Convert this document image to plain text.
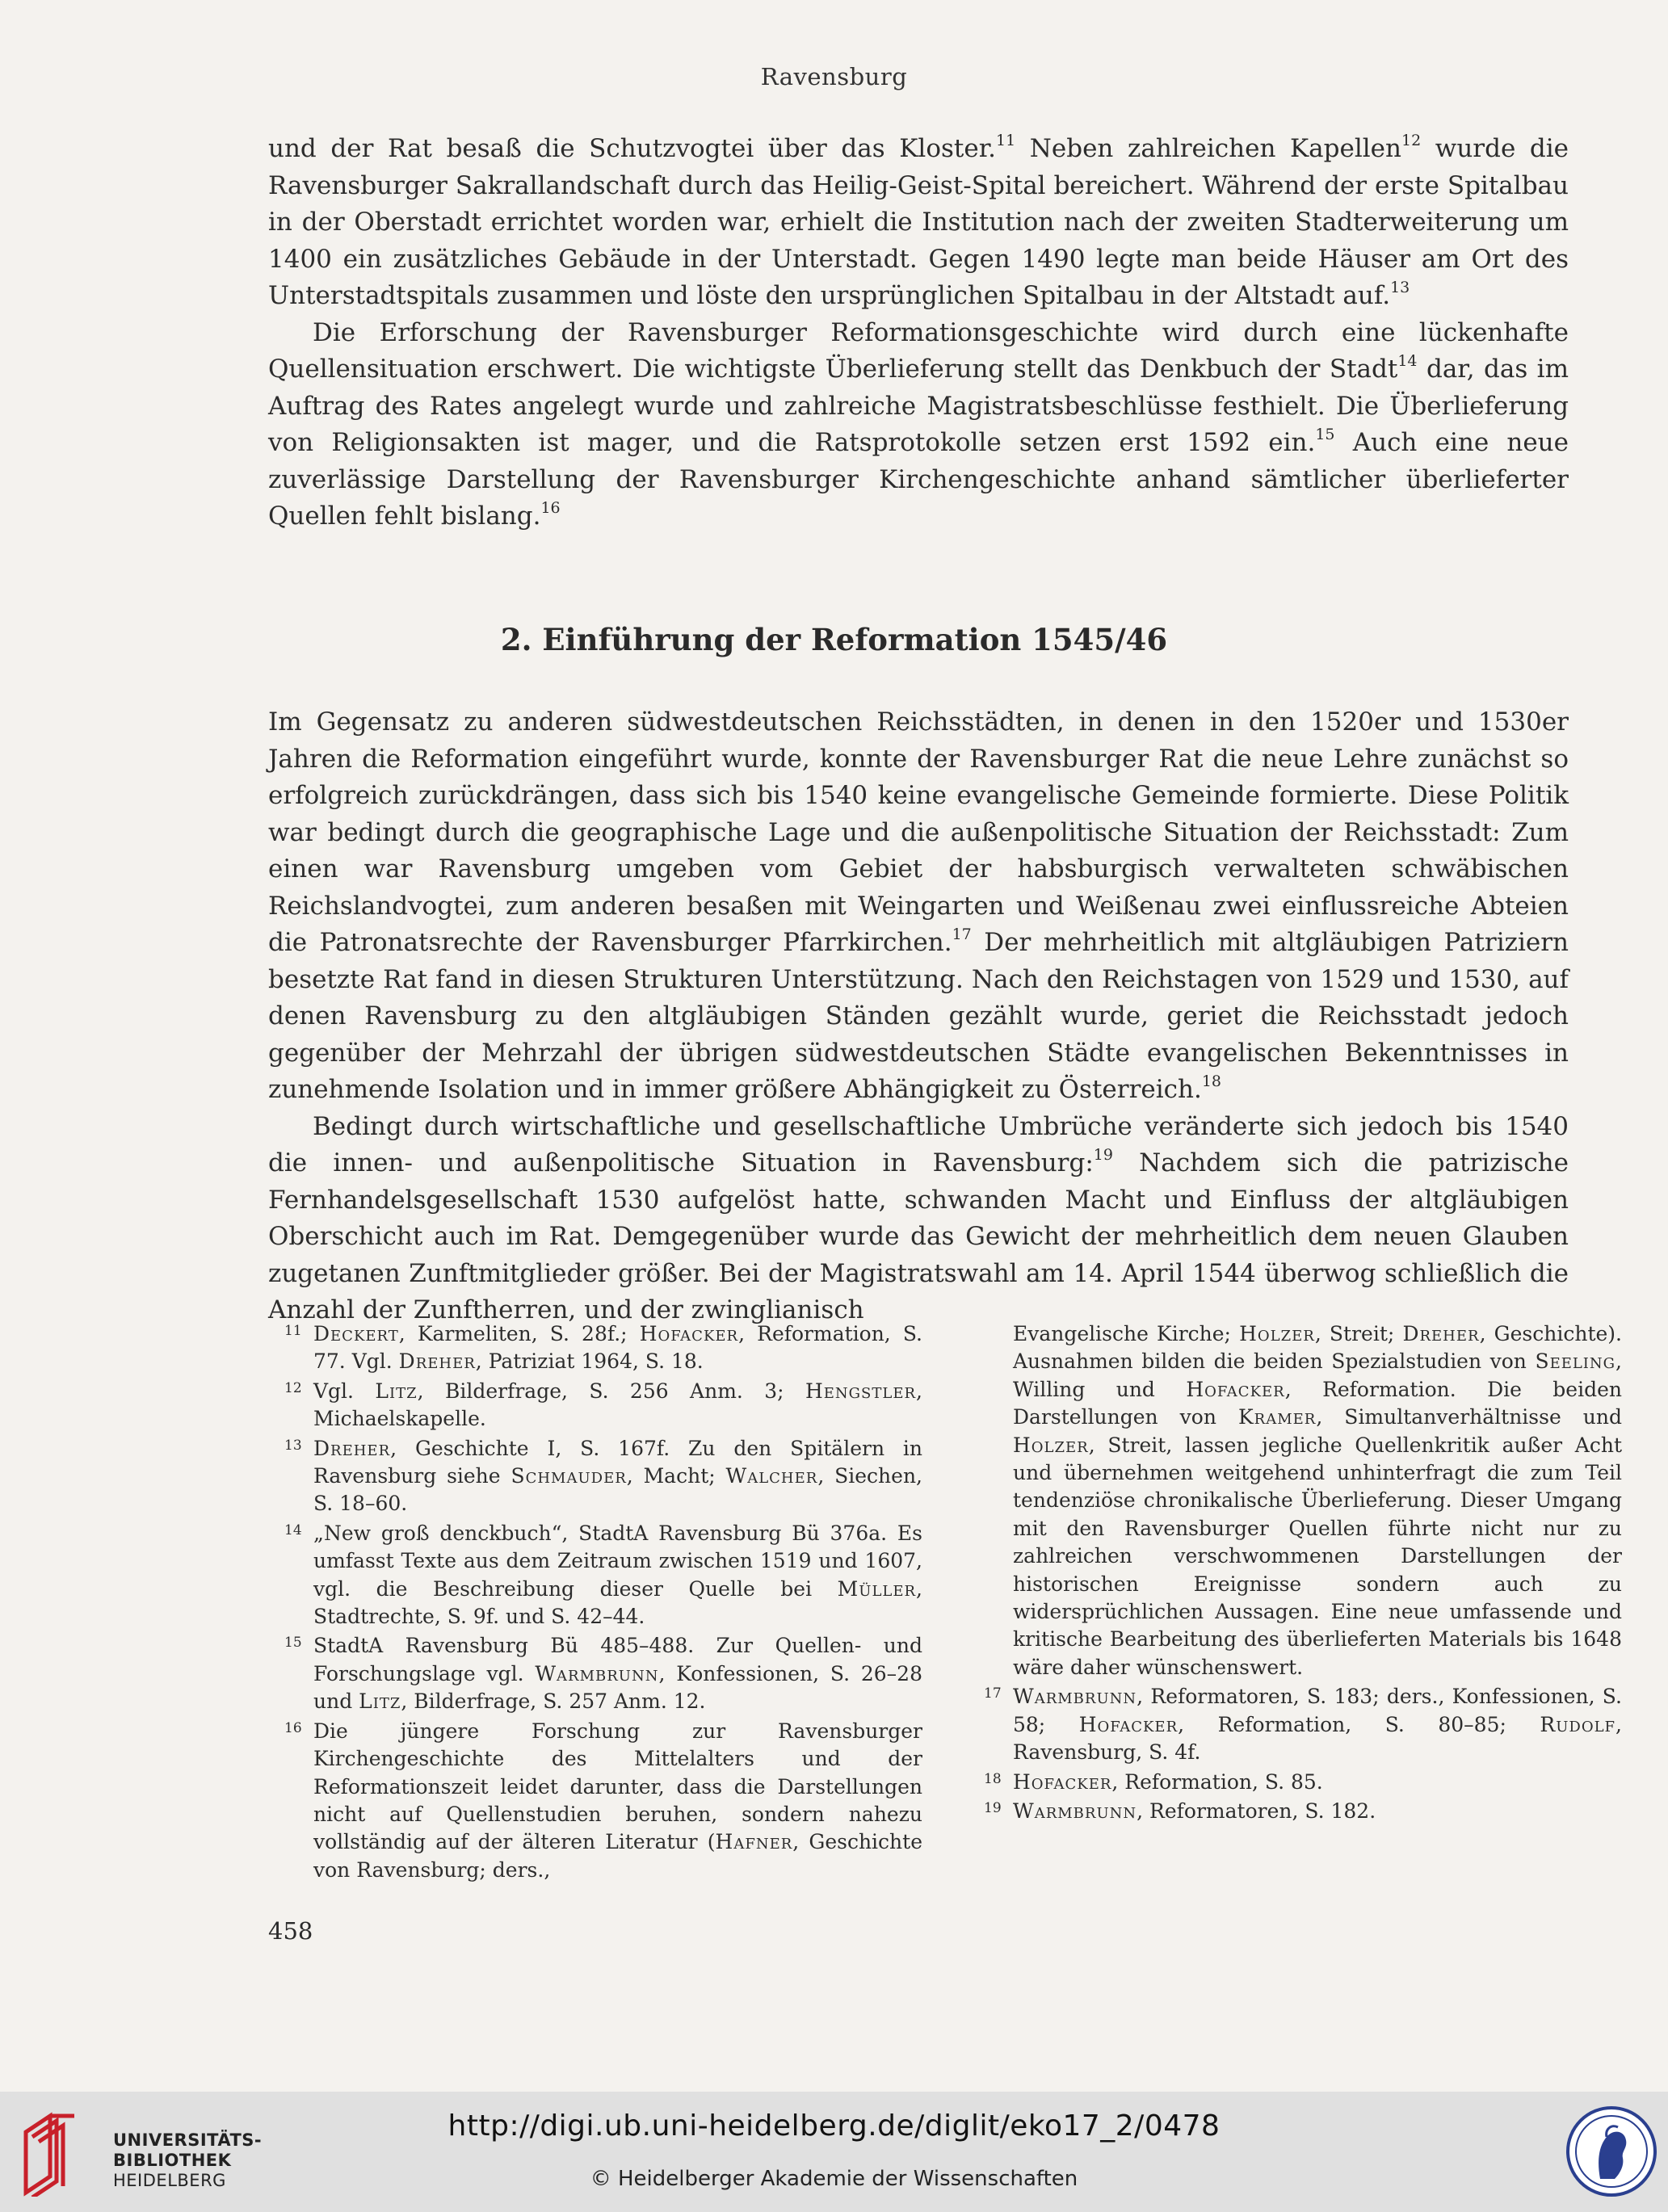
Ravensburg

und der Rat besaß die Schutzvogtei über das Kloster.$^{11}$ Neben zahlreichen Kapellen$^{12}$ wurde die Ravensburger Sakrallandschaft durch das Heilig-Geist-Spital bereichert. Während der erste Spitalbau in der Oberstadt errichtet worden war, erhielt die Institution nach der zweiten Stadterweiterung um 1400 ein zusätzliches Gebäude in der Unterstadt. Gegen 1490 legte man beide Häuser am Ort des Unterstadtspitals zusammen und löste den ursprünglichen Spitalbau in der Altstadt auf.$^{13}$

Die Erforschung der Ravensburger Reformationsgeschichte wird durch eine lückenhafte Quellensituation erschwert. Die wichtigste Überlieferung stellt das Denkbuch der Stadt$^{14}$ dar, das im Auftrag des Rates angelegt wurde und zahlreiche Magistratsbeschlüsse festhielt. Die Überlieferung von Religionsakten ist mager, und die Ratsprotokolle setzen erst 1592 ein.$^{15}$ Auch eine neue zuverlässige Darstellung der Ravensburger Kirchengeschichte anhand sämtlicher überlieferter Quellen fehlt bislang.$^{16}$

2. Einführung der Reformation 1545/46

Im Gegensatz zu anderen südwestdeutschen Reichsstädten, in denen in den 1520er und 1530er Jahren die Reformation eingeführt wurde, konnte der Ravensburger Rat die neue Lehre zunächst so erfolgreich zurückdrängen, dass sich bis 1540 keine evangelische Gemeinde formierte. Diese Politik war bedingt durch die geographische Lage und die außenpolitische Situation der Reichsstadt: Zum einen war Ravensburg umgeben vom Gebiet der habsburgisch verwalteten schwäbischen Reichslandvogtei, zum anderen besaßen mit Weingarten und Weißenau zwei einflussreiche Abteien die Patronatsrechte der Ravensburger Pfarrkirchen.$^{17}$ Der mehrheitlich mit altgläubigen Patriziern besetzte Rat fand in diesen Strukturen Unterstützung. Nach den Reichstagen von 1529 und 1530, auf denen Ravensburg zu den altgläubigen Ständen gezählt wurde, geriet die Reichsstadt jedoch gegenüber der Mehrzahl der übrigen südwestdeutschen Städte evangelischen Bekenntnisses in zunehmende Isolation und in immer größere Abhängigkeit zu Österreich.$^{18}$

Bedingt durch wirtschaftliche und gesellschaftliche Umbrüche veränderte sich jedoch bis 1540 die innen- und außenpolitische Situation in Ravensburg:$^{19}$ Nachdem sich die patrizische Fernhandelsgesellschaft 1530 aufgelöst hatte, schwanden Macht und Einfluss der altgläubigen Oberschicht auch im Rat. Demgegenüber wurde das Gewicht der mehrheitlich dem neuen Glauben zugetanen Zunftmitglieder größer. Bei der Magistratswahl am 14. April 1544 überwog schließlich die Anzahl der Zunftherren, und der zwinglianisch

11 Deckert, Karmeliten, S. 28f.; Hofacker, Reformation, S. 77. Vgl. Dreher, Patriziat 1964, S. 18.
12 Vgl. Litz, Bilderfrage, S. 256 Anm. 3; Hengstler, Michaelskapelle.
13 Dreher, Geschichte I, S. 167f. Zu den Spitälern in Ravensburg siehe Schmauder, Macht; Walcher, Siechen, S. 18–60.
14 „New groß denckbuch“, StadtA Ravensburg Bü 376a. Es umfasst Texte aus dem Zeitraum zwischen 1519 und 1607, vgl. die Beschreibung dieser Quelle bei Müller, Stadtrechte, S. 9f. und S. 42–44.
15 StadtA Ravensburg Bü 485–488. Zur Quellen- und Forschungslage vgl. Warmbrunn, Konfessionen, S. 26–28 und Litz, Bilderfrage, S. 257 Anm. 12.
16 Die jüngere Forschung zur Ravensburger Kirchengeschichte des Mittelalters und der Reformationszeit leidet darunter, dass die Darstellungen nicht auf Quellenstudien beruhen, sondern nahezu vollständig auf der älteren Literatur (Hafner, Geschichte von Ravensburg; ders.,
Evangelische Kirche; Holzer, Streit; Dreher, Geschichte). Ausnahmen bilden die beiden Spezialstudien von Seeling, Willing und Hofacker, Reformation. Die beiden Darstellungen von Kramer, Simultanverhältnisse und Holzer, Streit, lassen jegliche Quellenkritik außer Acht und übernehmen weitgehend unhinterfragt die zum Teil tendenziöse chronikalische Überlieferung. Dieser Umgang mit den Ravensburger Quellen führte nicht nur zu zahlreichen verschwommenen Darstellungen der historischen Ereignisse sondern auch zu widersprüchlichen Aussagen. Eine neue umfassende und kritische Bearbeitung des überlieferten Materials bis 1648 wäre daher wünschenswert.
17 Warmbrunn, Reformatoren, S. 183; ders., Konfessionen, S. 58; Hofacker, Reformation, S. 80–85; Rudolf, Ravensburg, S. 4f.
18 Hofacker, Reformation, S. 85.
19 Warmbrunn, Reformatoren, S. 182.
458
UNIVERSITÄTS-
BIBLIOTHEK
HEIDELBERG
http://digi.ub.uni-heidelberg.de/diglit/eko17_2/0478
© Heidelberger Akademie der Wissenschaften
